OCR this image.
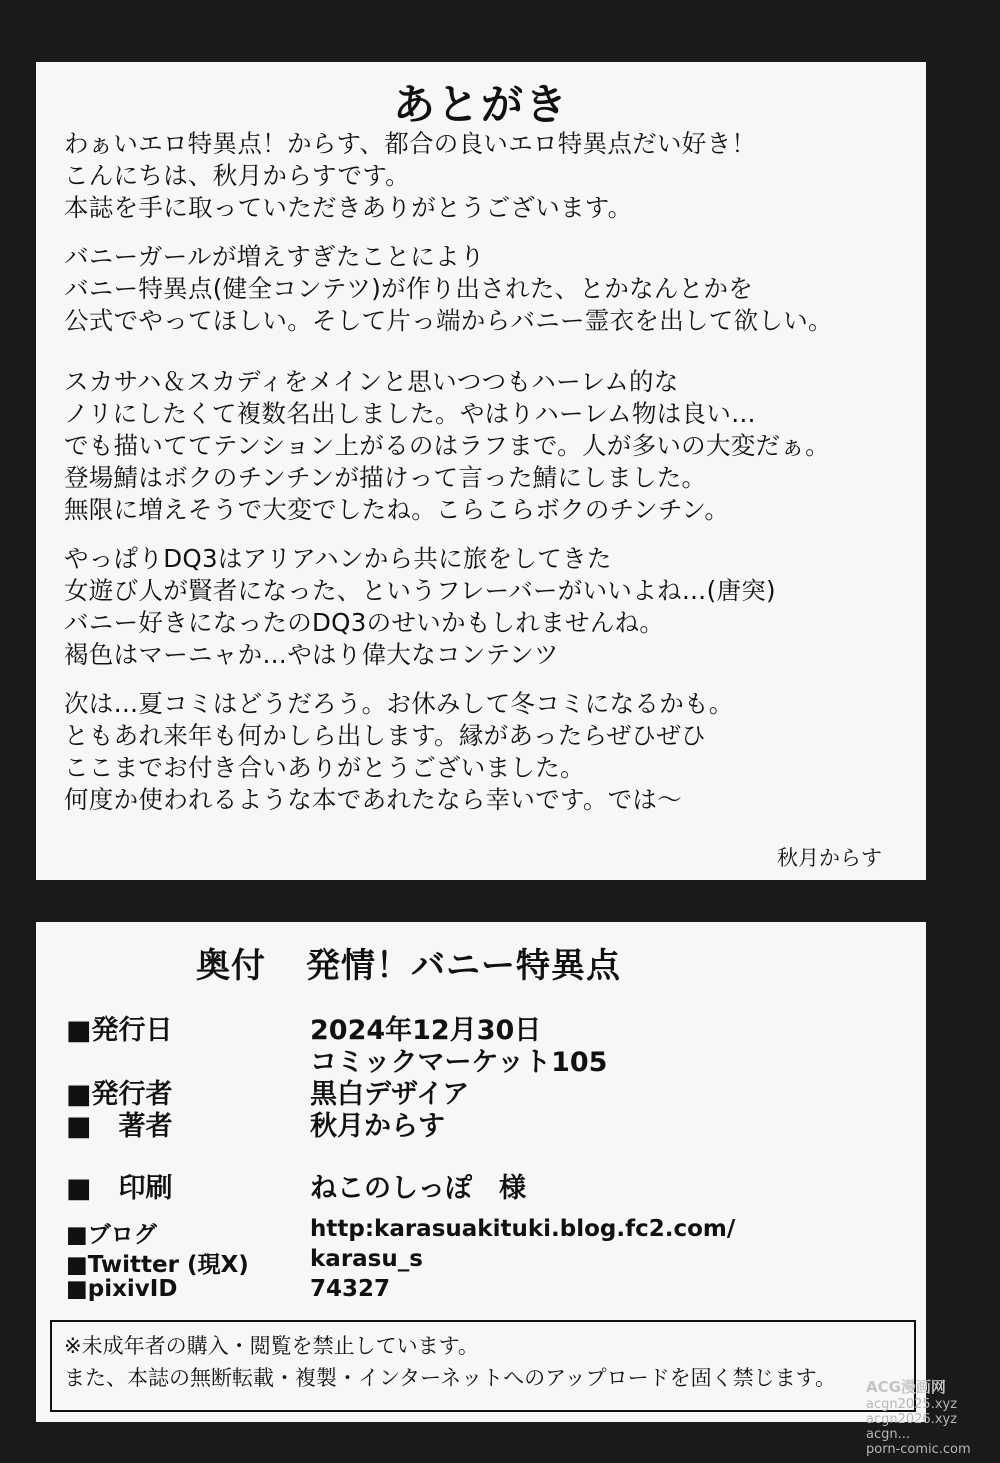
あとがき
わぁいエロ特異点！からす、都合の良いエロ特異点だい好き！
こんにちは、秋月からすです。
本誌を手に取っていただきありがとうございます。
バニーガールが増えすぎたことにより
バニー特異点(健全コンテツ)が作り出された、とかなんとかを
公式でやってほしい。そして片っ端からバニー霊衣を出して欲しい。
スカサハ＆スカディをメインと思いつつもハーレム的な
ノリにしたくて複数名出しました。やはりハーレム物は良い…
でも描いててテンション上がるのはラフまで。人が多いの大変だぁ。
登場鯖はボクのチンチンが描けって言った鯖にしました。
無限に増えそうで大変でしたね。こらこらボクのチンチン。
やっぱりDQ3はアリアハンから共に旅をしてきた
女遊び人が賢者になった、というフレーバーがいいよね…(唐突)
バニー好きになったのDQ3のせいかもしれませんね。
褐色はマーニャか…やはり偉大なコンテンツ
次は…夏コミはどうだろう。お休みして冬コミになるかも。
ともあれ来年も何かしら出します。縁があったらぜひぜひ
ここまでお付き合いありがとうございました。
何度か使われるような本であれたなら幸いです。では～
秋月からす
奥付 発情！バニー特異点
■発行日	2024年12月30日
コミックマーケット105
■発行者	黒白デザイア
■　著者	秋月からす
■　印刷	ねこのしっぽ　様
■ブログ	http:karasuakituki.blog.fc2.com/
■Twitter (現X)	karasu_s
■pixivID	74327
※未成年者の購入・閲覧を禁止しています。
また、本誌の無断転載・複製・インターネットへのアップロードを固く禁じます。	ACG漫画网
acgn2025.xyz
acgn2026.xyz
acgn...
porn-comic.com
